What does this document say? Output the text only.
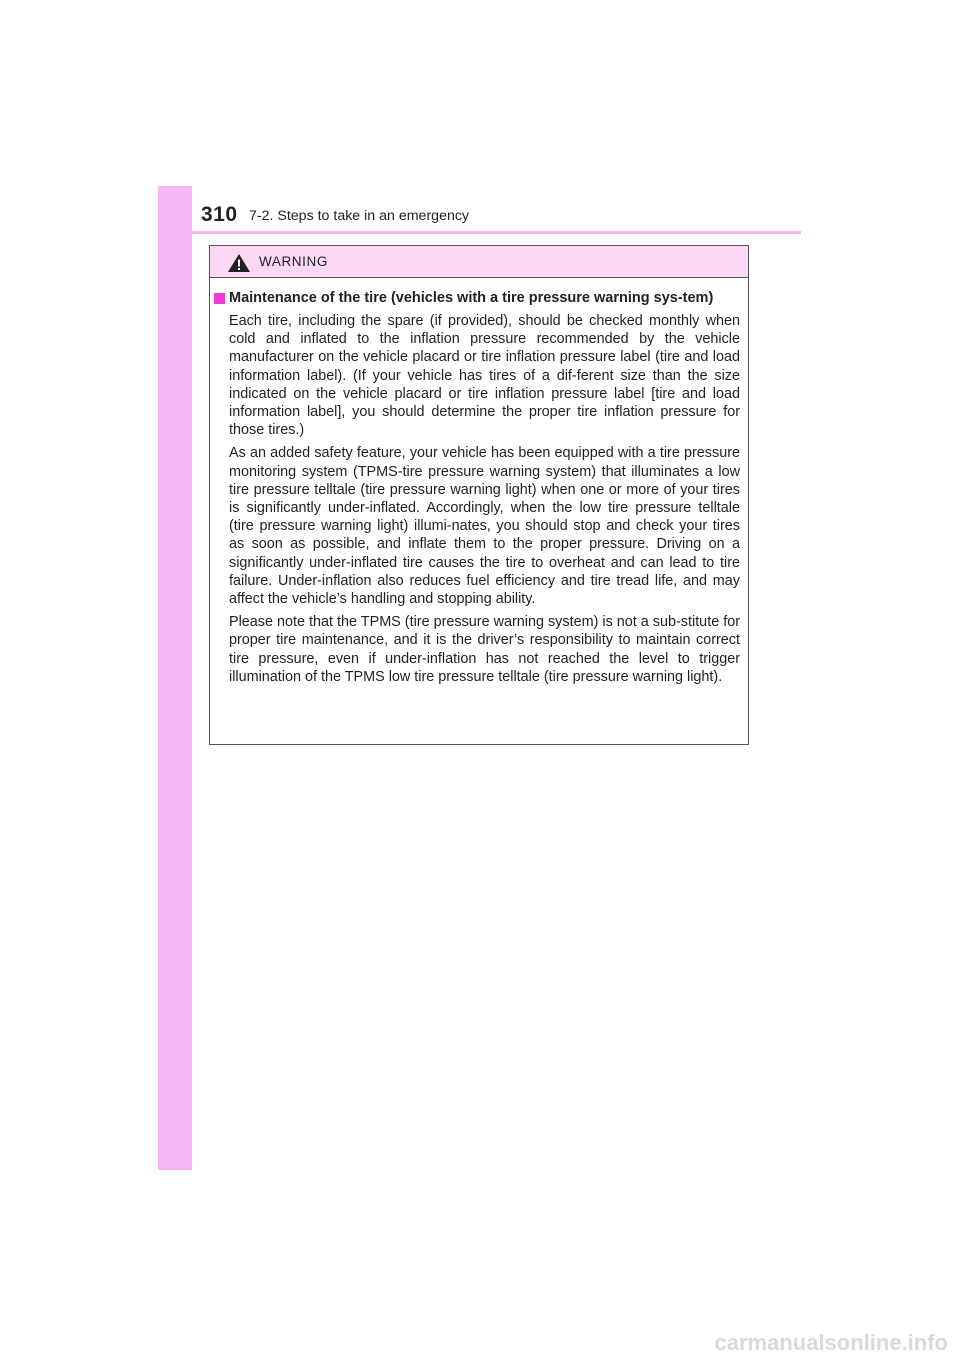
310 7-2. Steps to take in an emergency
WARNING
Maintenance of the tire (vehicles with a tire pressure warning sys-tem)

Each tire, including the spare (if provided), should be checked monthly when cold and inflated to the inflation pressure recommended by the vehicle manufacturer on the vehicle placard or tire inflation pressure label (tire and load information label). (If your vehicle has tires of a dif-ferent size than the size indicated on the vehicle placard or tire inflation pressure label [tire and load information label], you should determine the proper tire inflation pressure for those tires.)

As an added safety feature, your vehicle has been equipped with a tire pressure monitoring system (TPMS-tire pressure warning system) that illuminates a low tire pressure telltale (tire pressure warning light) when one or more of your tires is significantly under-inflated. Accordingly, when the low tire pressure telltale (tire pressure warning light) illumi-nates, you should stop and check your tires as soon as possible, and inflate them to the proper pressure. Driving on a significantly under-inflated tire causes the tire to overheat and can lead to tire failure. Under-inflation also reduces fuel efficiency and tire tread life, and may affect the vehicle’s handling and stopping ability.

Please note that the TPMS (tire pressure warning system) is not a sub-stitute for proper tire maintenance, and it is the driver’s responsibility to maintain correct tire pressure, even if under-inflation has not reached the level to trigger illumination of the TPMS low tire pressure telltale (tire pressure warning light).

carmanualsonline.info
